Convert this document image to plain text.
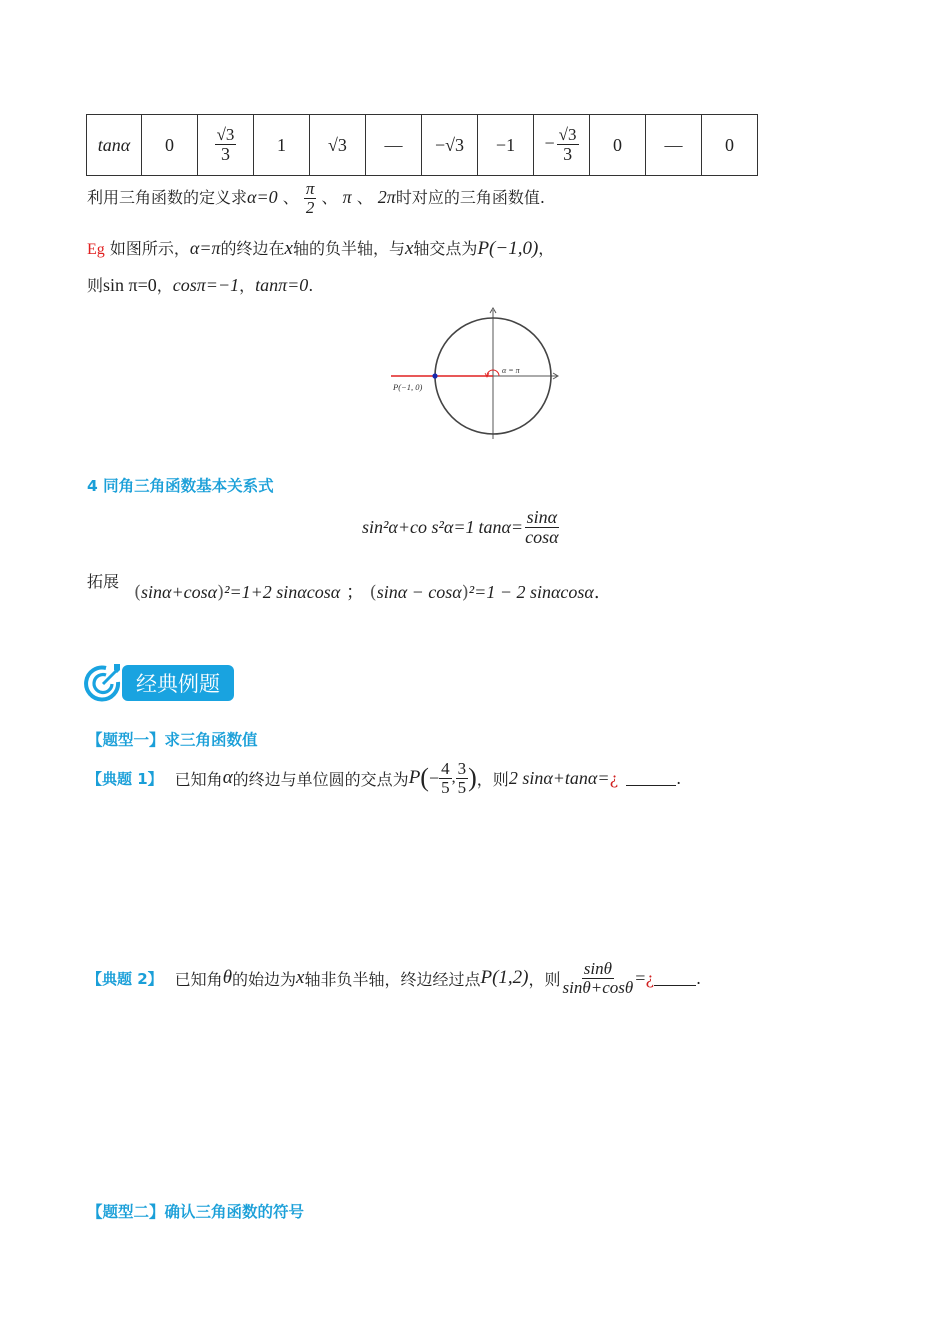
tanα	0	$\frac{√3}{3}$	1	√3	—	−√3	−1	− $\frac{√3}{3}$	0	—	0
利用三角函数的定义求α=0 、 $\frac{\pi}{2}$ 、 π 、 2π时对应的三角函数值.
Eg 如图所示，α=π的终边在x轴的负半轴，与x轴交点为P(−1,0)，
则sin π=0，cosπ=−1，tanπ=0.
P(−1, 0)
α = π
4 同角三角函数基本关系式
sin²α+co s²α=1 $\tan\alpha= \frac{\sin\alpha}{\cos\alpha}$
拓展
(sinα+cosα)²=1+2 sinαcosα ； (sinα − cosα)²=1 − 2 sinαcosα.
经典例题
【题型一】求三角函数值
【典题 1】 已知角 α 的终边与单位圆的交点为 P ( − $\frac{4}{5}$ , $\frac{3}{5}$ ) ，则 2 sinα+tanα= ¿	.
【典题 2】 已知角 θ 的始边为 x 轴非负半轴，终边经过点 P(1,2) ，则 $\frac{\sin\theta}{\sin\theta+\cos\theta}$ = ¿	.
【题型二】确认三角函数的符号
